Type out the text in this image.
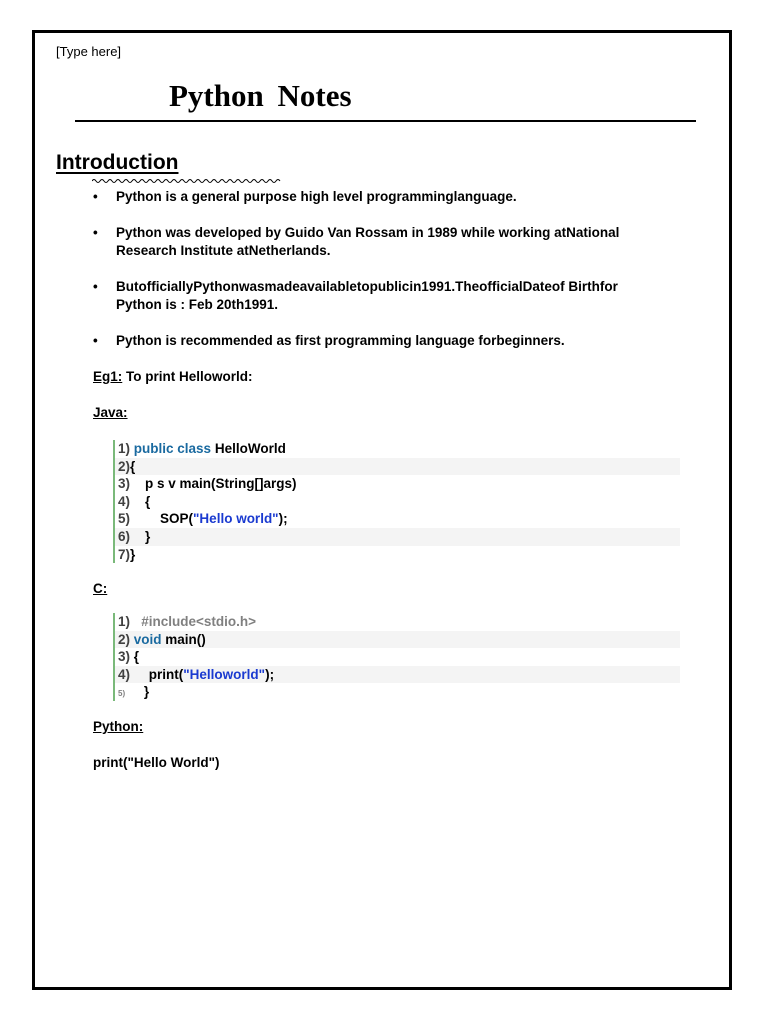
[Type here]
Python Notes
Introduction
•	Python is a general purpose high level programminglanguage.
•	Python was developed by Guido Van Rossam in 1989 while working atNational Research Institute atNetherlands.
•	ButofficiallyPythonwasmadeavailabletopublicin1991.TheofficialDateof Birthfor Python is : Feb 20th1991.
•	Python is recommended as first programming language forbeginners.
Eg1: To print Helloworld:
Java:
1) public class HelloWorld
2){
3)    p s v main(String[]args)
4)    {
5)        SOP("Hello world");
6)    }
7)}
C:
1)   #include<stdio.h>
2) void main()
3) {
4)     print("Helloworld");
5)     }
Python:
print("Hello World")
